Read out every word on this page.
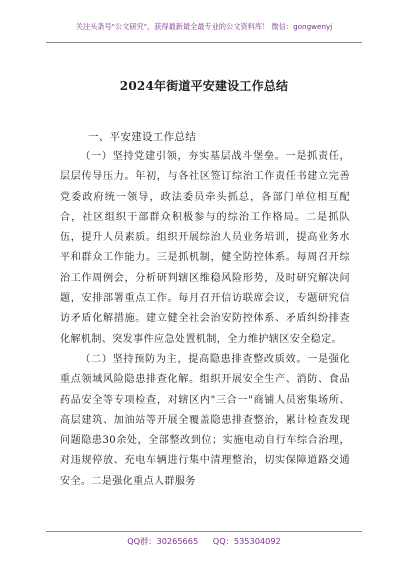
关注头条号"公文研究"，获得最新最全最专业的公文资料库！ 微信：gongwenyj
2024年街道平安建设工作总结
一、平安建设工作总结

（一）坚持党建引领，夯实基层战斗堡垒。一是抓责任，层层传导压力。年初，与各社区签订综治工作责任书建立完善党委政府统一领导，政法委员牵头抓总，各部门单位相互配合，社区组织干部群众积极参与的综治工作格局。二是抓队伍，提升人员素质。组织开展综治人员业务培训，提高业务水平和群众工作能力。三是抓机制，健全防控体系。每周召开综治工作周例会，分析研判辖区维稳风险形势，及时研究解决问题，安排部署重点工作。每月召开信访联席会议，专题研究信访矛盾化解措施。建立健全社会治安防控体系、矛盾纠纷排查化解机制、突发事件应急处置机制，全力维护辖区安全稳定。

（二）坚持预防为主，提高隐患排查整改质效。一是强化重点领域风险隐患排查化解。组织开展安全生产、消防、食品药品安全等专项检查，对辖区内"三合一"商铺人员密集场所、高层建筑、加油站等开展全覆盖隐患排查整治，累计检查发现问题隐患30余处，全部整改到位；实施电动自行车综合治理，对违规停放、充电车辆进行集中清理整治，切实保障道路交通安全。二是强化重点人群服务

QQ群：30265665 QQ：535304092
